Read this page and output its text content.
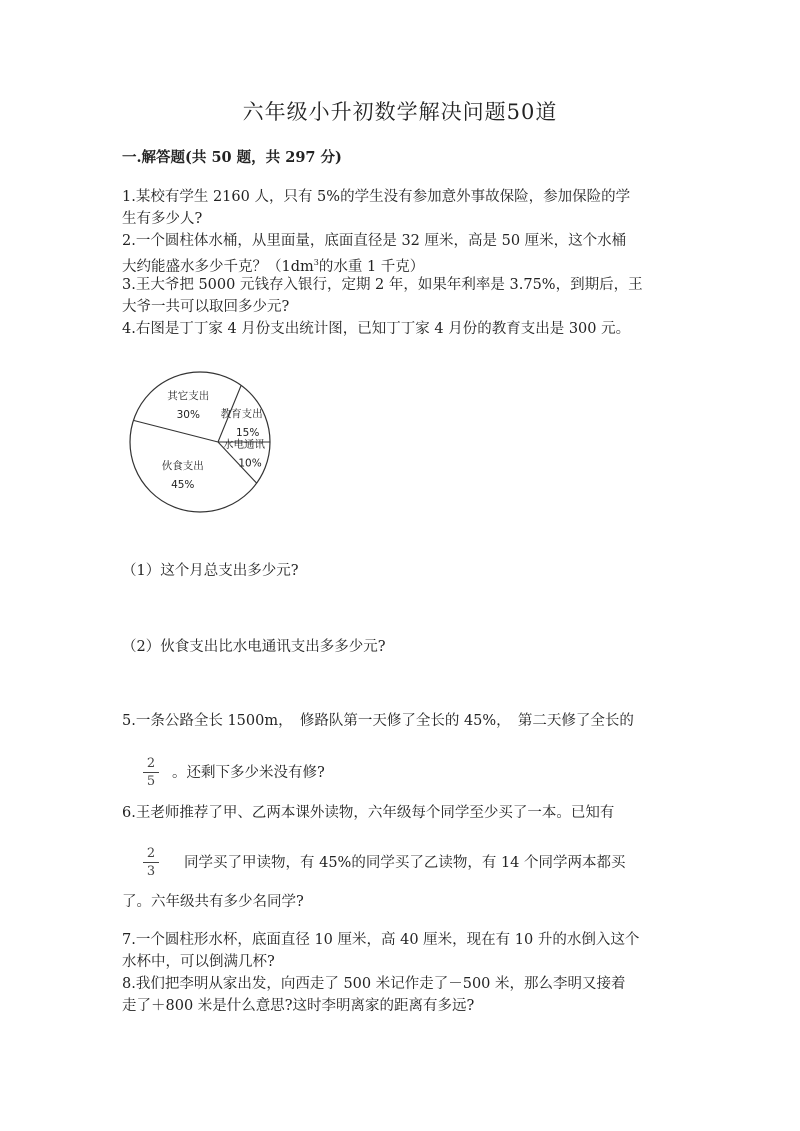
六年级小升初数学解决问题50道
一.解答题(共 50 题，共 297 分)
1.某校有学生 2160 人，只有 5%的学生没有参加意外事故保险，参加保险的学
生有多少人?
2.一个圆柱体水桶，从里面量，底面直径是 32 厘米，高是 50 厘米，这个水桶
大约能盛水多少千克？（$1dm^3$的水重 1 千克）
3.王大爷把 5000 元钱存入银行，定期 2 年，如果年利率是 3.75%，到期后，王
大爷一共可以取回多少元?
4.右图是丁丁家 4 月份支出统计图，已知丁丁家 4 月份的教育支出是 300 元。
教育支出
15%
其它支出
30%
伙食支出
45%
水电通讯
10%
（1）这个月总支出多少元?
（2）伙食支出比水电通讯支出多多少元?
5.一条公路全长 1500m，　修路队第一天修了全长的 45%，　第二天修了全长的
2
5
。还剩下多少米没有修?
6.王老师推荐了甲、乙两本课外读物，六年级每个同学至少买了一本。已知有
2
3
同学买了甲读物，有 45%的同学买了乙读物，有 14 个同学两本都买
了。六年级共有多少名同学?
7.一个圆柱形水杯，底面直径 10 厘米，高 40 厘米，现在有 10 升的水倒入这个
水杯中，可以倒满几杯?
8.我们把李明从家出发，向西走了 500 米记作走了－500 米，那么李明又接着
走了＋800 米是什么意思?这时李明离家的距离有多远?
